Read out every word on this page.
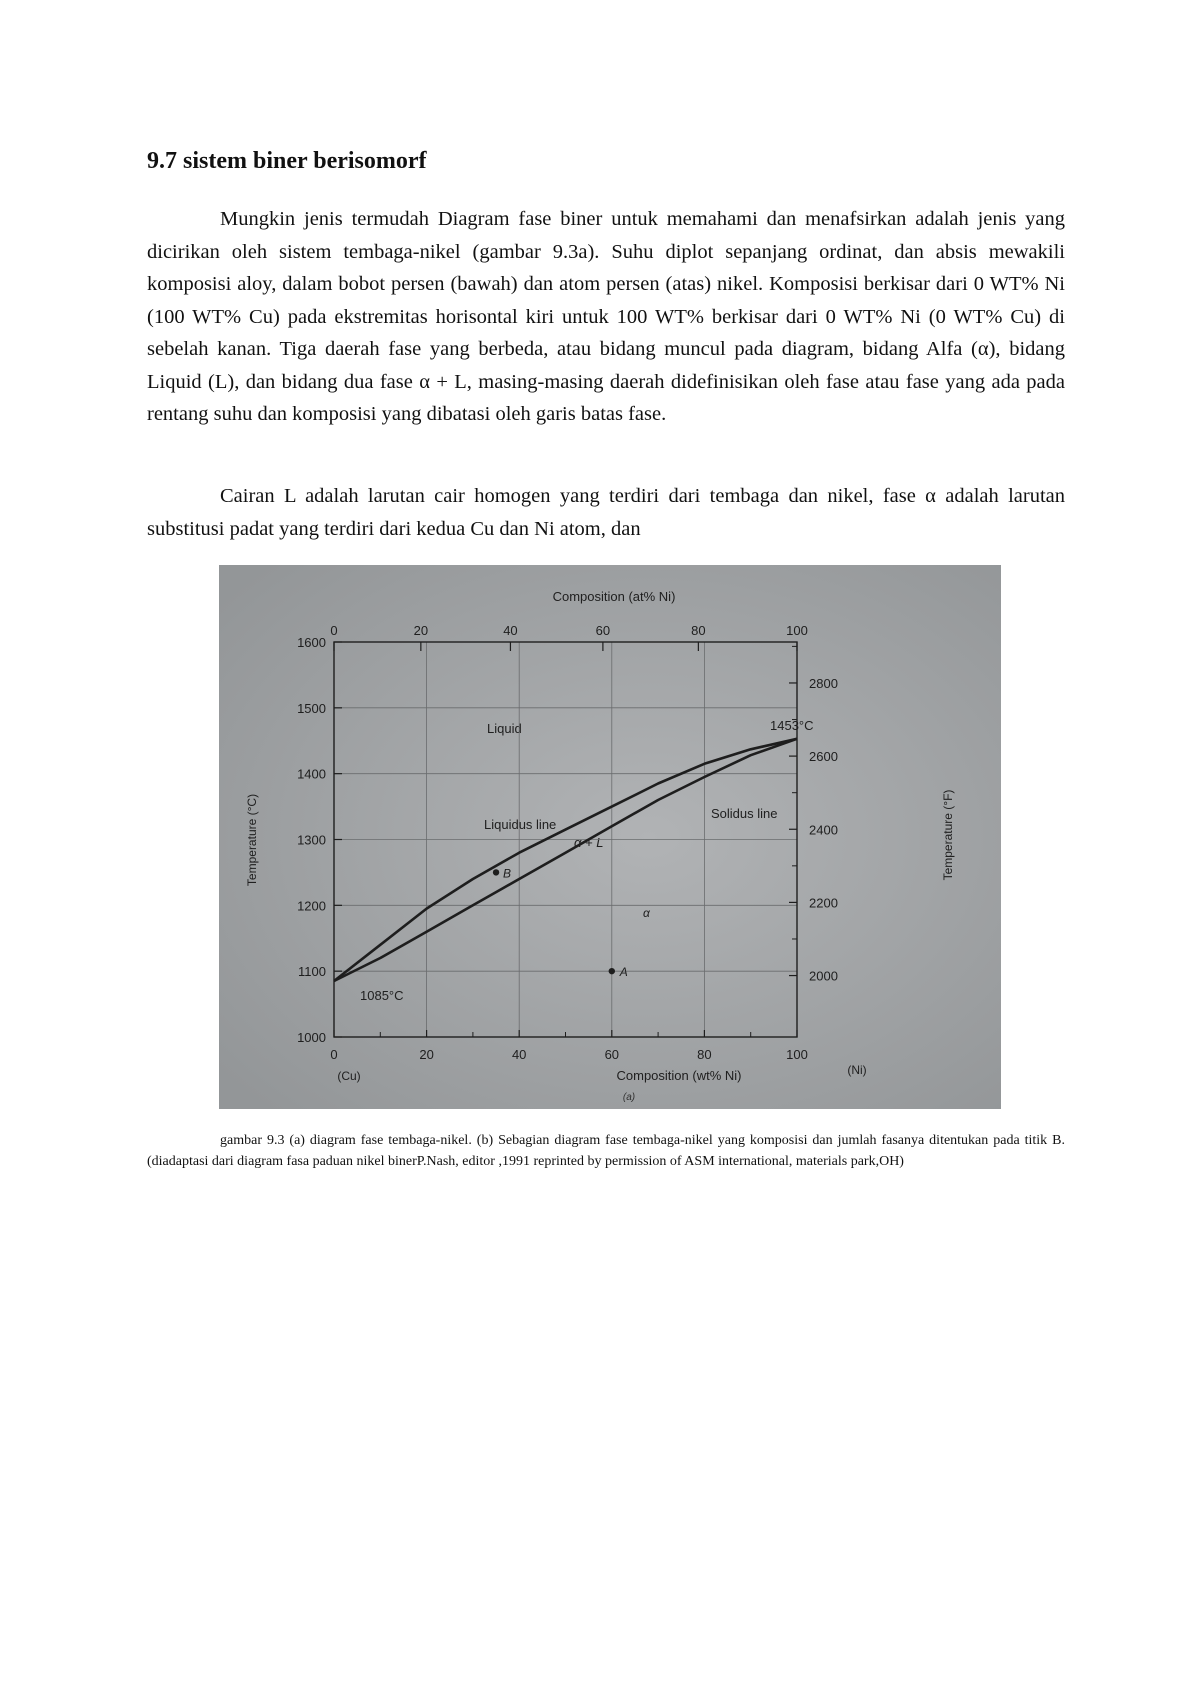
9.7 sistem biner berisomorf

Mungkin jenis termudah Diagram fase biner untuk memahami dan menafsirkan adalah jenis yang dicirikan oleh sistem tembaga-nikel (gambar 9.3a). Suhu diplot sepanjang ordinat, dan absis mewakili komposisi aloy, dalam bobot persen (bawah) dan atom persen (atas) nikel. Komposisi berkisar dari 0 WT% Ni (100 WT% Cu) pada ekstremitas horisontal kiri untuk 100 WT% berkisar dari 0 WT% Ni (0 WT% Cu) di sebelah kanan. Tiga daerah fase yang berbeda, atau bidang muncul pada diagram, bidang Alfa (α), bidang Liquid (L), dan bidang dua fase α + L, masing-masing daerah didefinisikan oleh fase atau fase yang ada pada rentang suhu dan komposisi yang dibatasi oleh garis batas fase.

Cairan L adalah larutan cair homogen yang terdiri dari tembaga dan nikel, fase α adalah larutan substitusi padat yang terdiri dari kedua Cu dan Ni atom, dan

Composition (at% Ni)
Composition (wt% Ni)
Temperature (°C)	Temperature (°F)
(Cu)	(Ni)
(a)
Liquid
Liquidus line
Solidus line
α + L
α
1453°C
1085°C
0	20	40	60	80	100
0	20	40	60	80	100
1600
1500
1400
1300
1200
1100
1000
2800
2600
2400
2200
2000
A
B

gambar 9.3 (a) diagram fase tembaga-nikel. (b) Sebagian diagram fase tembaga-nikel yang komposisi dan jumlah fasanya ditentukan pada titik B. (diadaptasi dari diagram fasa paduan nikel binerP.Nash, editor ,1991 reprinted by permission of ASM international, materials park,OH)
